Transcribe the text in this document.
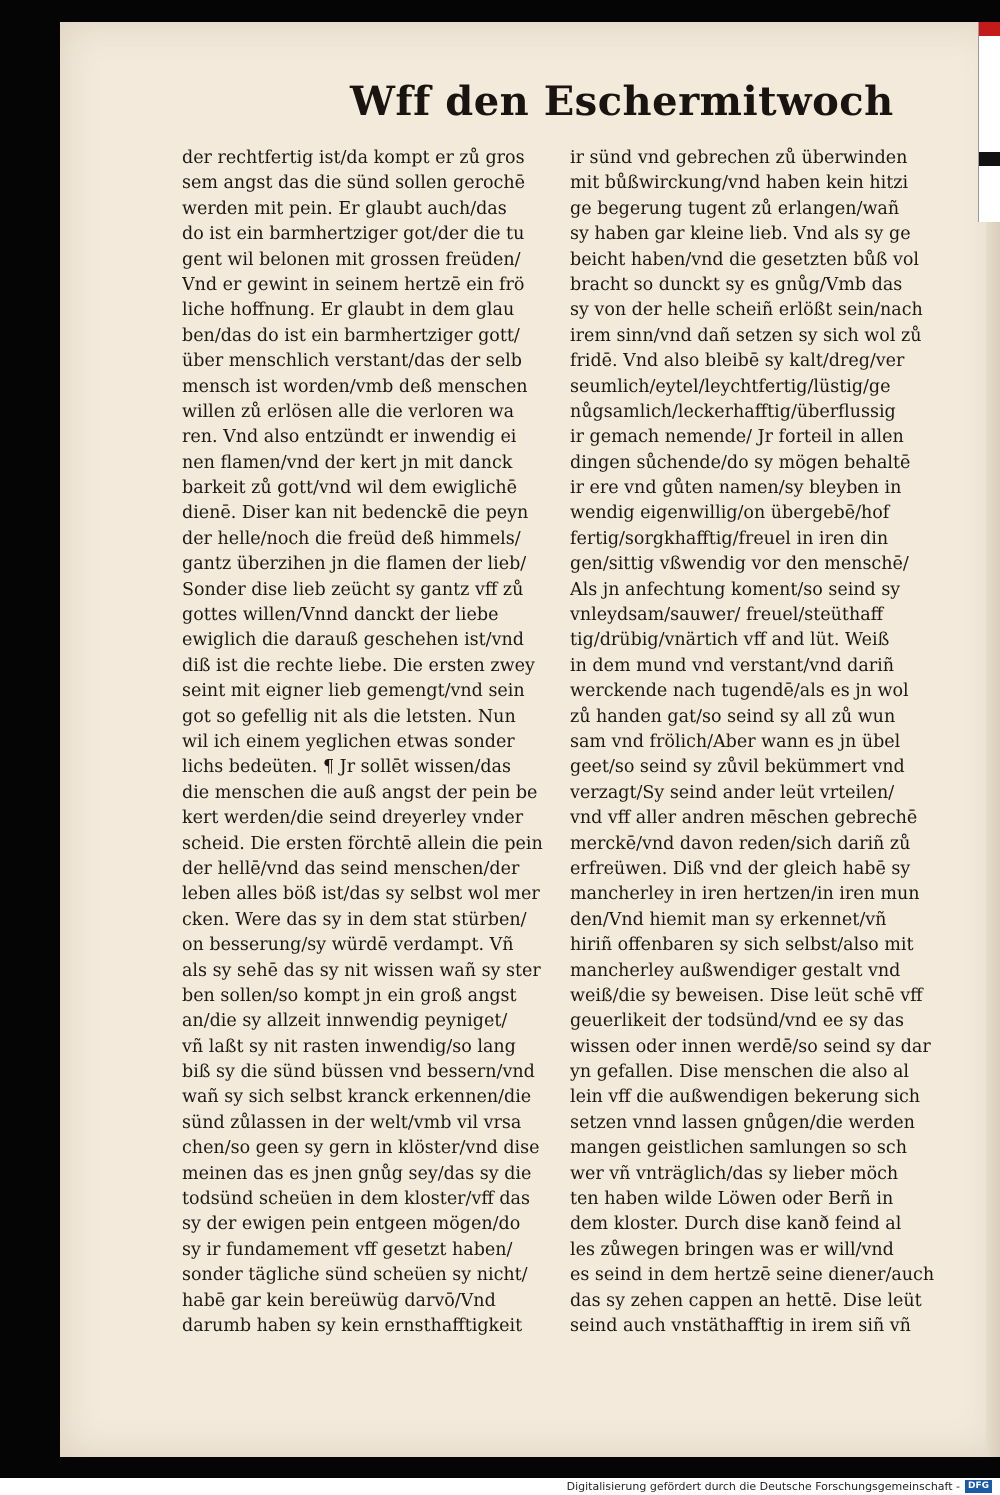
Wff den Eschermitwoch
der rechtfertig ist/da kompt er zů gros
sem angst das die sünd sollen gerochē
werden mit pein. Er glaubt auch/das
do ist ein barmhertziger got/der die tu
gent wil belonen mit grossen freüden/
Vnd er gewint in seinem hertzē ein frö
liche hoffnung. Er glaubt in dem glau
ben/das do ist ein barmhertziger gott/
über menschlich verstant/das der selb
mensch ist worden/vmb deß menschen
willen zů erlösen alle die verloren wa
ren. Vnd also entzündt er inwendig ei
nen flamen/vnd der kert jn mit danck
barkeit zů gott/vnd wil dem ewiglichē
dienē. Diser kan nit bedenckē die peyn
der helle/noch die freüd deß himmels/
gantz überzihen jn die flamen der lieb/
Sonder dise lieb zeücht sy gantz vff zů
gottes willen/Vnnd danckt der liebe
ewiglich die darauß geschehen ist/vnd
diß ist die rechte liebe. Die ersten zwey
seint mit eigner lieb gemengt/vnd sein
got so gefellig nit als die letsten. Nun
wil ich einem yeglichen etwas sonder
lichs bedeüten. ¶ Jr sollēt wissen/das
die menschen die auß angst der pein be
kert werden/die seind dreyerley vnder
scheid. Die ersten förchtē allein die pein
der hellē/vnd das seind menschen/der
leben alles böß ist/das sy selbst wol mer
cken. Were das sy in dem stat stürben/
on besserung/sy würdē verdampt. Vñ
als sy sehē das sy nit wissen wañ sy ster
ben sollen/so kompt jn ein groß angst
an/die sy allzeit innwendig peyniget/
vñ laßt sy nit rasten inwendig/so lang
biß sy die sünd büssen vnd bessern/vnd
wañ sy sich selbst kranck erkennen/die
sünd zůlassen in der welt/vmb vil vrsa
chen/so geen sy gern in klöster/vnd dise
meinen das es jnen gnůg sey/das sy die
todsünd scheüen in dem kloster/vff das
sy der ewigen pein entgeen mögen/do
sy ir fundamement vff gesetzt haben/
sonder tägliche sünd scheüen sy nicht/
habē gar kein bereüwüg darvō/Vnd
darumb haben sy kein ernsthafftigkeit
ir sünd vnd gebrechen zů überwinden
mit bůßwirckung/vnd haben kein hitzi
ge begerung tugent zů erlangen/wañ
sy haben gar kleine lieb. Vnd als sy ge
beicht haben/vnd die gesetzten bůß vol
bracht so dunckt sy es gnůg/Vmb das
sy von der helle scheiñ erlößt sein/nach
irem sinn/vnd dañ setzen sy sich wol zů
fridē. Vnd also bleibē sy kalt/dreg/ver
seumlich/eytel/leychtfertig/lüstig/ge
nůgsamlich/leckerhafftig/überflussig
ir gemach nemende/ Jr forteil in allen
dingen sůchende/do sy mögen behaltē
ir ere vnd gůten namen/sy bleyben in
wendig eigenwillig/on übergebē/hof
fertig/sorgkhafftig/freuel in iren din
gen/sittig vßwendig vor den menschē/
Als jn anfechtung koment/so seind sy
vnleydsam/sauwer/ freuel/steüthaff
tig/drübig/vnärtich vff and lüt. Weiß
in dem mund vnd verstant/vnd dariñ
werckende nach tugendē/als es jn wol
zů handen gat/so seind sy all zů wun
sam vnd frölich/Aber wann es jn übel
geet/so seind sy zůvil bekümmert vnd
verzagt/Sy seind ander leüt vrteilen/
vnd vff aller andren mēschen gebrechē
merckē/vnd davon reden/sich dariñ zů
erfreüwen. Diß vnd der gleich habē sy
mancherley in iren hertzen/in iren mun
den/Vnd hiemit man sy erkennet/vñ
hiriñ offenbaren sy sich selbst/also mit
mancherley außwendiger gestalt vnd
weiß/die sy beweisen. Dise leüt schē vff
geuerlikeit der todsünd/vnd ee sy das
wissen oder innen werdē/so seind sy dar
yn gefallen. Dise menschen die also al
lein vff die außwendigen bekerung sich
setzen vnnd lassen gnůgen/die werden
mangen geistlichen samlungen so sch
wer vñ vnträglich/das sy lieber möch
ten haben wilde Löwen oder Berñ in
dem kloster. Durch dise kanð feind al
les zůwegen bringen was er will/vnd
es seind in dem hertzē seine diener/auch
das sy zehen cappen an hettē. Dise leüt
seind auch vnstäthafftig in irem siñ vñ
Digitalisierung gefördert durch die Deutsche Forschungsgemeinschaft - DFG
